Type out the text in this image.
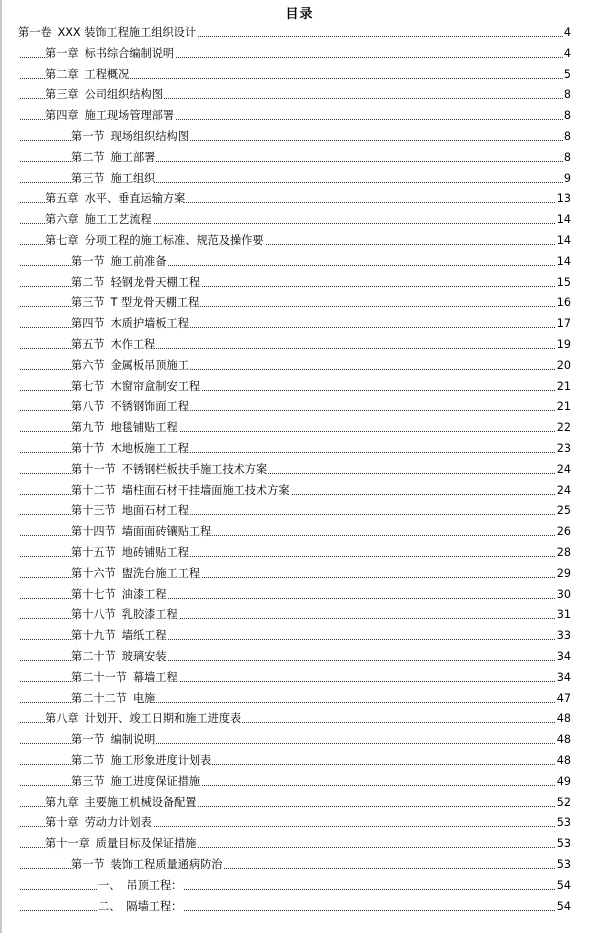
目录
第一卷 XXX 装饰工程施工组织设计	4
第一章 标书综合编制说明	4
第二章 工程概况	5
第三章 公司组织结构图	8
第四章 施工现场管理部署	8
第一节 现场组织结构图	8
第二节 施工部署	8
第三节 施工组织	9
第五章 水平、垂直运输方案	13
第六章 施工工艺流程	14
第七章 分项工程的施工标准、规范及操作要	14
第一节 施工前准备	14
第二节 轻钢龙骨天棚工程	15
第三节 T 型龙骨天棚工程	16
第四节 木质护墙板工程	17
第五节 木作工程	19
第六节 金属板吊顶施工	20
第七节 木窗帘盒制安工程	21
第八节 不锈钢饰面工程	21
第九节 地毯铺贴工程	22
第十节 木地板施工工程	23
第十一节 不锈钢栏板扶手施工技术方案	24
第十二节 墙柱面石材干挂墙面施工技术方案	24
第十三节 地面石材工程	25
第十四节 墙面面砖镶贴工程	26
第十五节 地砖铺贴工程	28
第十六节 盥洗台施工工程	29
第十七节 油漆工程	30
第十八节 乳胶漆工程	31
第十九节 墙纸工程	33
第二十节 玻璃安装	34
第二十一节 幕墙工程	34
第二十二节 电施	47
第八章 计划开、竣工日期和施工进度表	48
第一节 编制说明	48
第二节 施工形象进度计划表	48
第三节 施工进度保证措施	49
第九章 主要施工机械设备配置	52
第十章 劳动力计划表	53
第十一章 质量目标及保证措施	53
第一节 装饰工程质量通病防治	53
一、 吊顶工程：	54
二、 隔墙工程：	54
